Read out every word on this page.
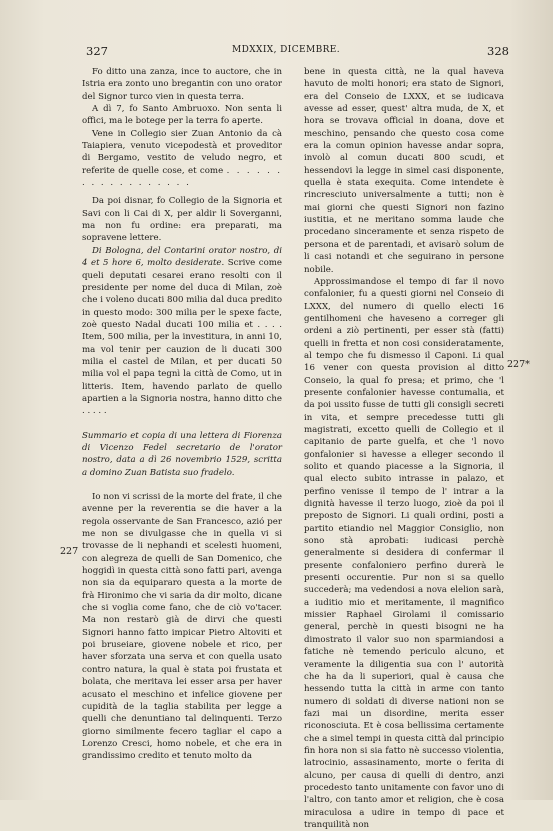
327	MDXXIX, DICEMBRE.	328
227
227*

Fo ditto una zanza, ince to auctore, che in Istria era zonto uno bregantin con uno orator del Signor turco vien in questa terra.

A dì 7, fo Santo Ambruoxo. Non senta li offici, ma le botege per la terra fo aperte.

Vene in Collegio sier Zuan Antonio da cà Taiapiera, venuto vicepodestà et proveditor di Bergamo, vestito de veludo negro, et referite de quelle cose, et come . . . . . . . . . . . . . . . . . .

Da poi disnar, fo Collegio de la Signoria et Savi con li Cai di X, per aldir li Soverganni, ma non fu ordine: era preparati, ma sopravene lettere.

Di Bologna, del Contarini orator nostro, di 4 et 5 hore 6, molto desiderate. Scrive come queli deputati cesarei erano resolti con il presidente per nome del duca di Milan, zoè che i voleno ducati 800 milia dal duca predito in questo modo: 300 milia per le spexe facte, zoè questo Nadal ducati 100 milia et . . . . Item, 500 milia, per la investitura, in anni 10, ma vol tenir per cauzion de li ducati 300 milia el castel de Milan, et per ducati 50 milia vol el papa tegnì la città de Como, ut in litteris. Item, havendo parlato de quello apartien a la Signoria nostra, hanno ditto che . . . . .

Summario et copia di una lettera di Fiorenza di Vicenzo Fedel secretario de l'orator nostro, data a dì 26 novembrio 1529, scritta a domino Zuan Batista suo fradelo.

Io non vi scrissi de la morte del frate, il che avenne per la reverentia se die haver a la regola osservante de San Francesco, azió per me non se divulgasse che in quella vi si trovasse de li nephandi et scelesti huomeni, con alegreza de quelli de San Domenico, che hoggidì in questa città sono fatti pari, avenga non sia da equipararo questa a la morte de frà Hironimo che vi saria da dir molto, dicane che si voglia come fano, che de ciò vo'tacer. Ma non restarò già de dirvi che questi Signori hanno fatto impicar Pietro Altoviti et poi bruseiare, giovene nobele et rico, per haver sforzata una serva et con quella usato contro natura, la qual è stata poi frustata et bolata, che meritava lei esser arsa per haver acusato el meschino et infelice giovene per cupidità de la taglia stabilita per legge a quelli che denuntiano tal delinquenti. Terzo giorno similmente fecero tagliar el capo a Lorenzo Cresci, homo nobele, et che era in grandissimo credito et tenuto molto da

bene in questa città, ne la qual haveva havuto de molti honori; era stato de Signori, era del Conseio de LXXX, et se iudicava avesse ad esser, quest' altra muda, de X, et hora se trovava official in doana, dove et meschino, pensando che questo cosa come era la comun opinion havesse andar sopra, involò al comun ducati 800 scudi, et hessendovi la legge in simel casi disponente, quella è stata exequita. Come intendete è rincresciuto universalmente a tutti; non è mai giorni che questi Signori non fazino iustitia, et ne meritano somma laude che procedano sinceramente et senza rispeto de persona et de parentadi, et avisarò solum de li casi notandi et che seguirano in persone nobile.

Approssimandose el tempo di far il novo confalonier, fu a questi giorni nel Conseio di LXXX, del numero di quello electi 16 gentilhomeni che haveseno a correger gli ordeni a ziò pertinenti, per esser stà (fatti) quelli in fretta et non cosi consideratamente, al tempo che fu dismesso il Caponi. Li qual 16 vener con questa provision al ditto Conseio, la qual fo presa; et primo, che 'l presente confalonier havesse contumalia, et da poi ussito fusse de tutti gli consigli secreti in vita, et sempre precedesse tutti gli magistrati, excetto quelli de Collegio et il capitanio de parte guelfa, et che 'l novo gonfalonier si havesse a elleger secondo il solito et quando piacesse a la Signoria, il qual electo subito intrasse in palazo, et perfino venisse il tempo de l' intrar a la dignità havesse il terzo luogo, zioè da poi il preposto de Signori. Li quali ordini, posti a partito etiandio nel Maggior Consiglio, non sono stà aprobati: iudicasi perchè generalmente si desidera di confermar il presente confaloniero perfino durerà le presenti occurentie. Pur non si sa quello succederà; ma vedendosi a nova elelion sarà, a iuditio mio et meritamente, il magnifico missier Raphael Girolami il comissario general, perchè in questi bisogni ne ha dimostrato il valor suo non sparmiandosi a fatiche nè temendo periculo alcuno, et veramente la diligentia sua con l' autorità che ha da li superiori, qual è causa che hessendo tutta la città in arme con tanto numero di soldati di diverse nationi non se fazi mai un disordine, merita esser riconosciuta. Et è cosa bellissima certamente che a simel tempi in questa città dal principio fin hora non si sia fatto nè successo violentia, latrocinio, assasinamento, morte o ferita di alcuno, per causa di quelli di dentro, anzi procedesto tanto unitamente con favor uno di l'altro, con tanto amor et religion, che è cosa miraculosa a udire in tempo di pace et tranquilità non
